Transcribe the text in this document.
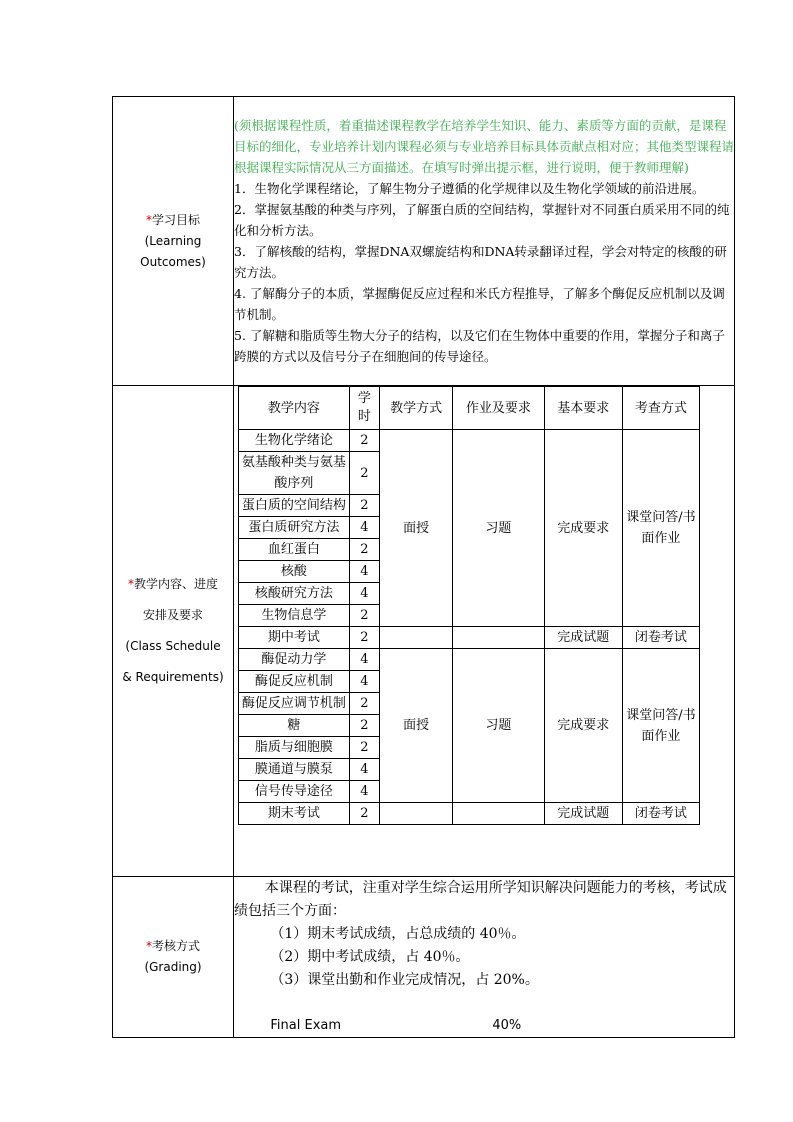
*学习目标
(Learning
Outcomes)

(须根据课程性质，着重描述课程教学在培养学生知识、能力、素质等方面的贡献，是课程目标的细化，专业培养计划内课程必须与专业培养目标具体贡献点相对应；其他类型课程请根据课程实际情况从三方面描述。在填写时弹出提示框，进行说明，便于教师理解)
1．生物化学课程绪论，了解生物分子遵循的化学规律以及生物化学领域的前沿进展。
2．掌握氨基酸的种类与序列，了解蛋白质的空间结构，掌握针对不同蛋白质采用不同的纯化和分析方法。
3．了解核酸的结构，掌握DNA双螺旋结构和DNA转录翻译过程，学会对特定的核酸的研究方法。
4. 了解酶分子的本质，掌握酶促反应过程和米氏方程推导，了解多个酶促反应机制以及调节机制。
5. 了解糖和脂质等生物大分子的结构，以及它们在生物体中重要的作用，掌握分子和离子跨膜的方式以及信号分子在细胞间的传导途径。

*教学内容、进度
安排及要求
(Class Schedule
& Requirements)

教学内容	学时	教学方式	作业及要求	基本要求	考查方式
生物化学绪论	2	面授	习题	完成要求	课堂问答/书面作业
氨基酸种类与氨基酸序列	2
蛋白质的空间结构	2
蛋白质研究方法	4
血红蛋白	2
核酸	4
核酸研究方法	4
生物信息学	2
期中考试	2			完成试题	闭卷考试
酶促动力学	4	面授	习题	完成要求	课堂问答/书面作业
酶促反应机制	4
酶促反应调节机制	2
糖	2
脂质与细胞膜	2
膜通道与膜泵	4
信号传导途径	4
期末考试	2			完成试题	闭卷考试

*考核方式
(Grading)

本课程的考试，注重对学生综合运用所学知识解决问题能力的考核，考试成绩包括三个方面：
（1）期末考试成绩，占总成绩的 40％。
（2）期中考试成绩，占 40％。
（3）课堂出勤和作业完成情况，占 20%。
Final Exam	40%
